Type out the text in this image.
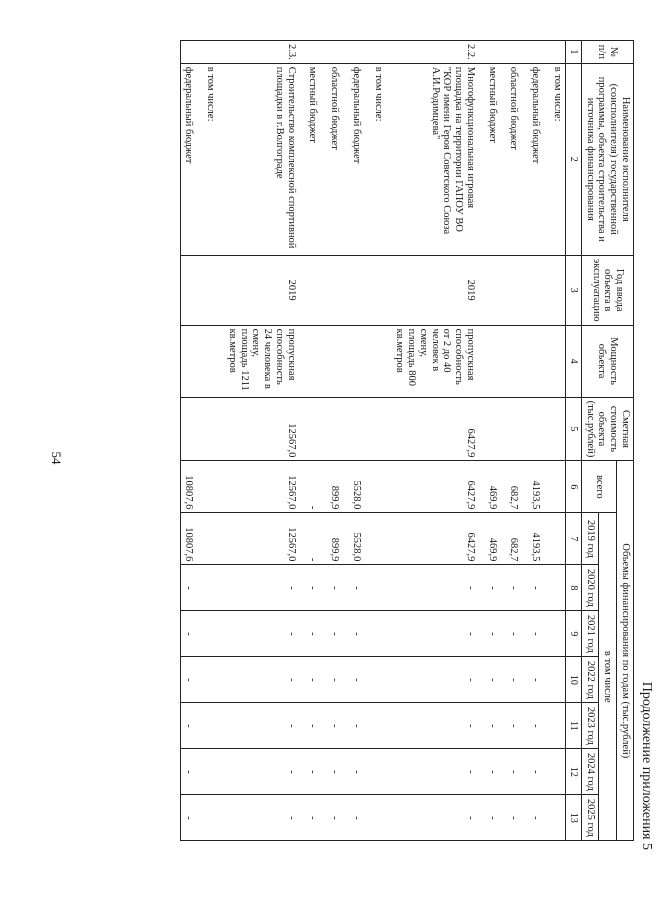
54
Продолжение приложения 5
№ п/п	Наименование исполнителя (соисполнителя) государственной программы, объекта строительства и источника финансирования	Год ввода объекта в эксплуатацию	Мощность объекта	Сметная стоимость объекта (тыс.рублей)	Объемы финансирования по годам (тыс.рублей)							
					всего	в том числе						
						2019 год	2020 год	2021 год	2022 год	2023 год	2024 год	2025 год
1	2	3	4	5	6	7	8	9	10	11	12	13
	в том числе:											
	федеральный бюджет				4193,5	4193,5	-	-	-	-	-	-
	областной бюджет				682,7	682,7	-	-	-	-	-	-
	местный бюджет				469,9	469,9	-	-	-	-	-	-
2.2.	Многофункциональная игровая площадка на территории ГАПОУ ВО "КОР имени Героя Советского Союза А.И.Родимцева"	2019	пропускная способность от 2 до 40 человек в смену, площадь 800 кв.метров	6427,9	6427,9	6427,9	-	-	-	-	-	-
	в том числе:											
	федеральный бюджет				5528,0	5528,0	-	-	-	-	-	-
	областной бюджет				899,9	899,9	-	-	-	-	-	-
	местный бюджет				-	-	-	-	-	-	-	-
2.3.	Строительство комплексной спортивной площадки в г.Волгограде	2019	пропускная способность 24 человека в смену, площадь 1211 кв.метров	12567,0	12567,0	12567,0	-	-	-	-	-	-
	в том числе:											
	федеральный бюджет				10807,6	10807,6	-	-	-	-	-	-
